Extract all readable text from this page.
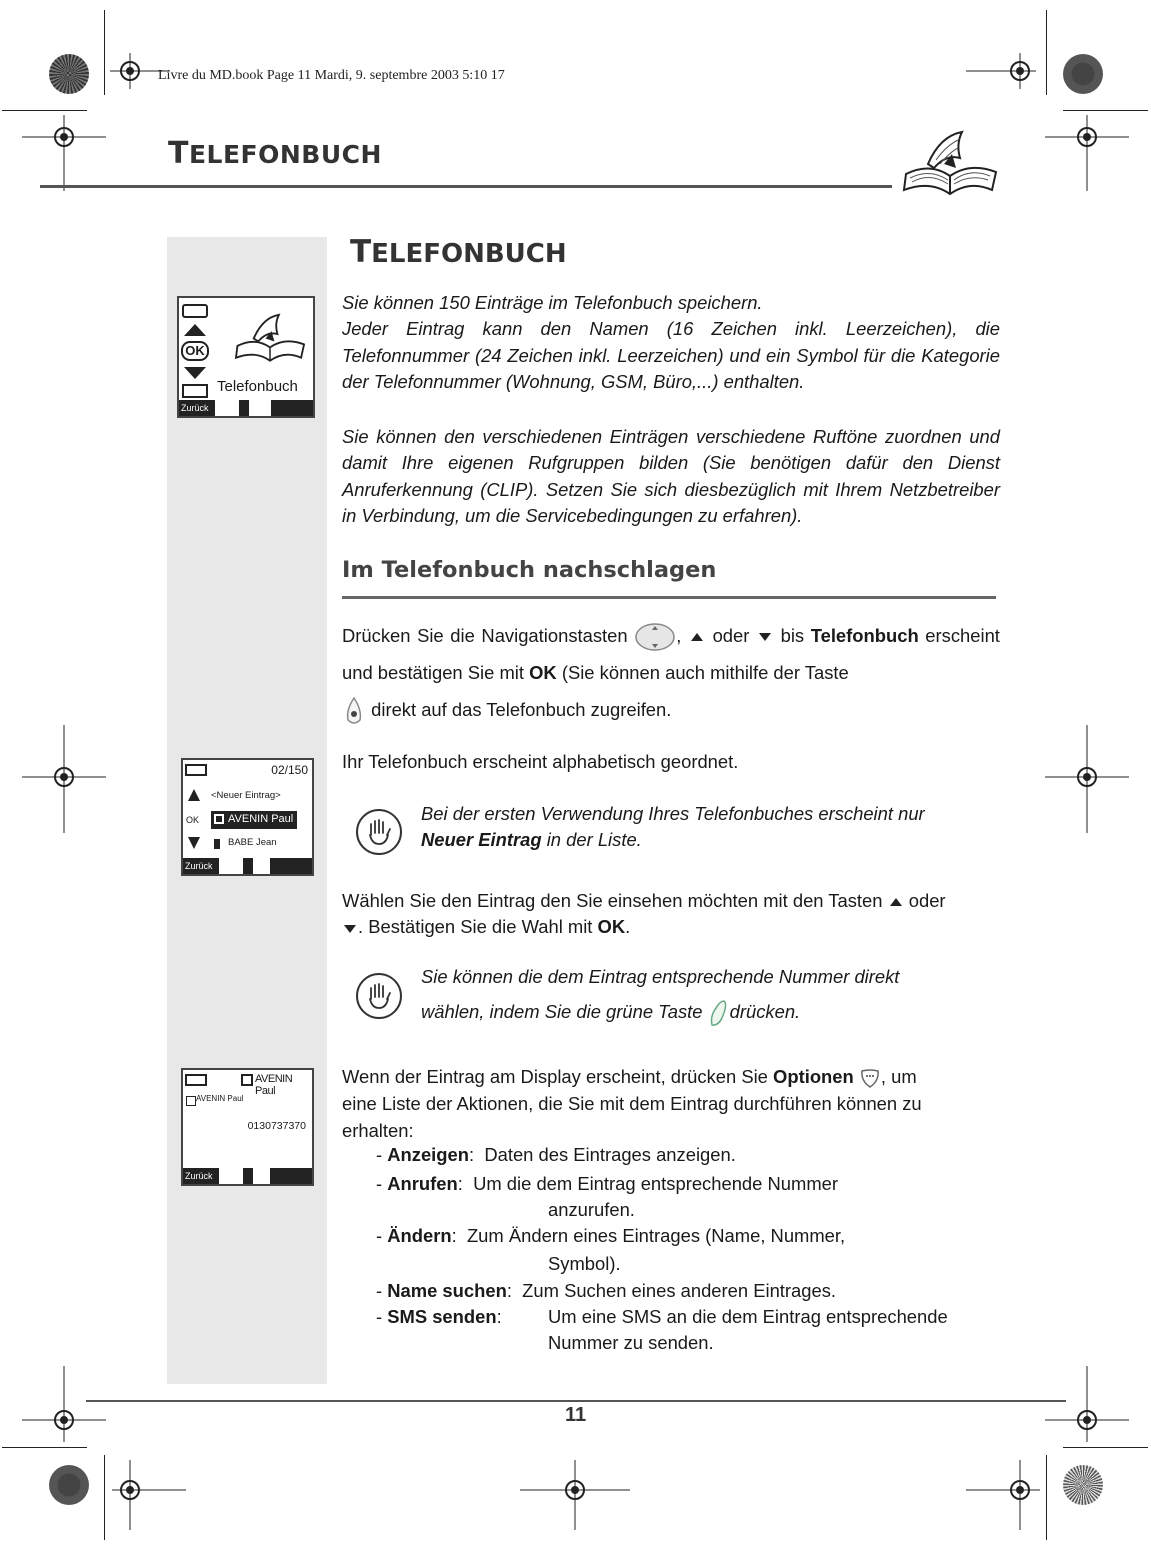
Livre du MD.book Page 11 Mardi, 9. septembre 2003 5:10 17
TELEFONBUCH
OK
Telefonbuch
Zurück
02/150
<Neuer Eintrag>
OK	AVENIN Paul
BABE Jean
Zurück
AVENIN Paul
AVENIN Paul
0130737370
Zurück
TELEFONBUCH
Sie können 150 Einträge im Telefonbuch speichern.
Jeder Eintrag kann den Namen (16 Zeichen inkl. Leerzeichen), die Telefonnummer (24 Zeichen inkl. Leerzeichen) und ein Symbol für die Kategorie der Telefonnummer (Wohnung, GSM, Büro,...) enthalten.
Sie können den verschiedenen Einträgen verschiedene Ruftöne zuordnen und damit Ihre eigenen Rufgruppen bilden (Sie benötigen dafür den Dienst Anruferkennung (CLIP). Setzen Sie sich diesbezüglich mit Ihrem Netzbetreiber in Verbindung, um die Servicebedingungen zu erfahren).
Im Telefonbuch nachschlagen
Drücken Sie die Navigationstasten	, oder bis Telefonbuch erscheint und bestätigen Sie mit OK (Sie können auch mithilfe der Taste
direkt auf das Telefonbuch zugreifen.
Ihr Telefonbuch erscheint alphabetisch geordnet.
Bei der ersten Verwendung Ihres Telefonbuches erscheint nur
Neuer Eintrag in der Liste.
Wählen Sie den Eintrag den Sie einsehen möchten mit den Tasten oder
. Bestätigen Sie die Wahl mit OK.
Sie können die dem Eintrag entsprechende Nummer direkt
wählen, indem Sie die grüne Taste drücken.
Wenn der Eintrag am Display erscheint, drücken Sie Optionen , um
eine Liste der Aktionen, die Sie mit dem Eintrag durchführen können zu
erhalten:
- Anzeigen:  Daten des Eintrages anzeigen.
- Anrufen:  Um die dem Eintrag entsprechende Nummer
anzurufen.
- Ändern:  Zum Ändern eines Eintrages (Name, Nummer,
Symbol).
- Name suchen:  Zum Suchen eines anderen Eintrages.
- SMS senden:	Um eine SMS an die dem Eintrag entsprechende
Nummer zu senden.
11
